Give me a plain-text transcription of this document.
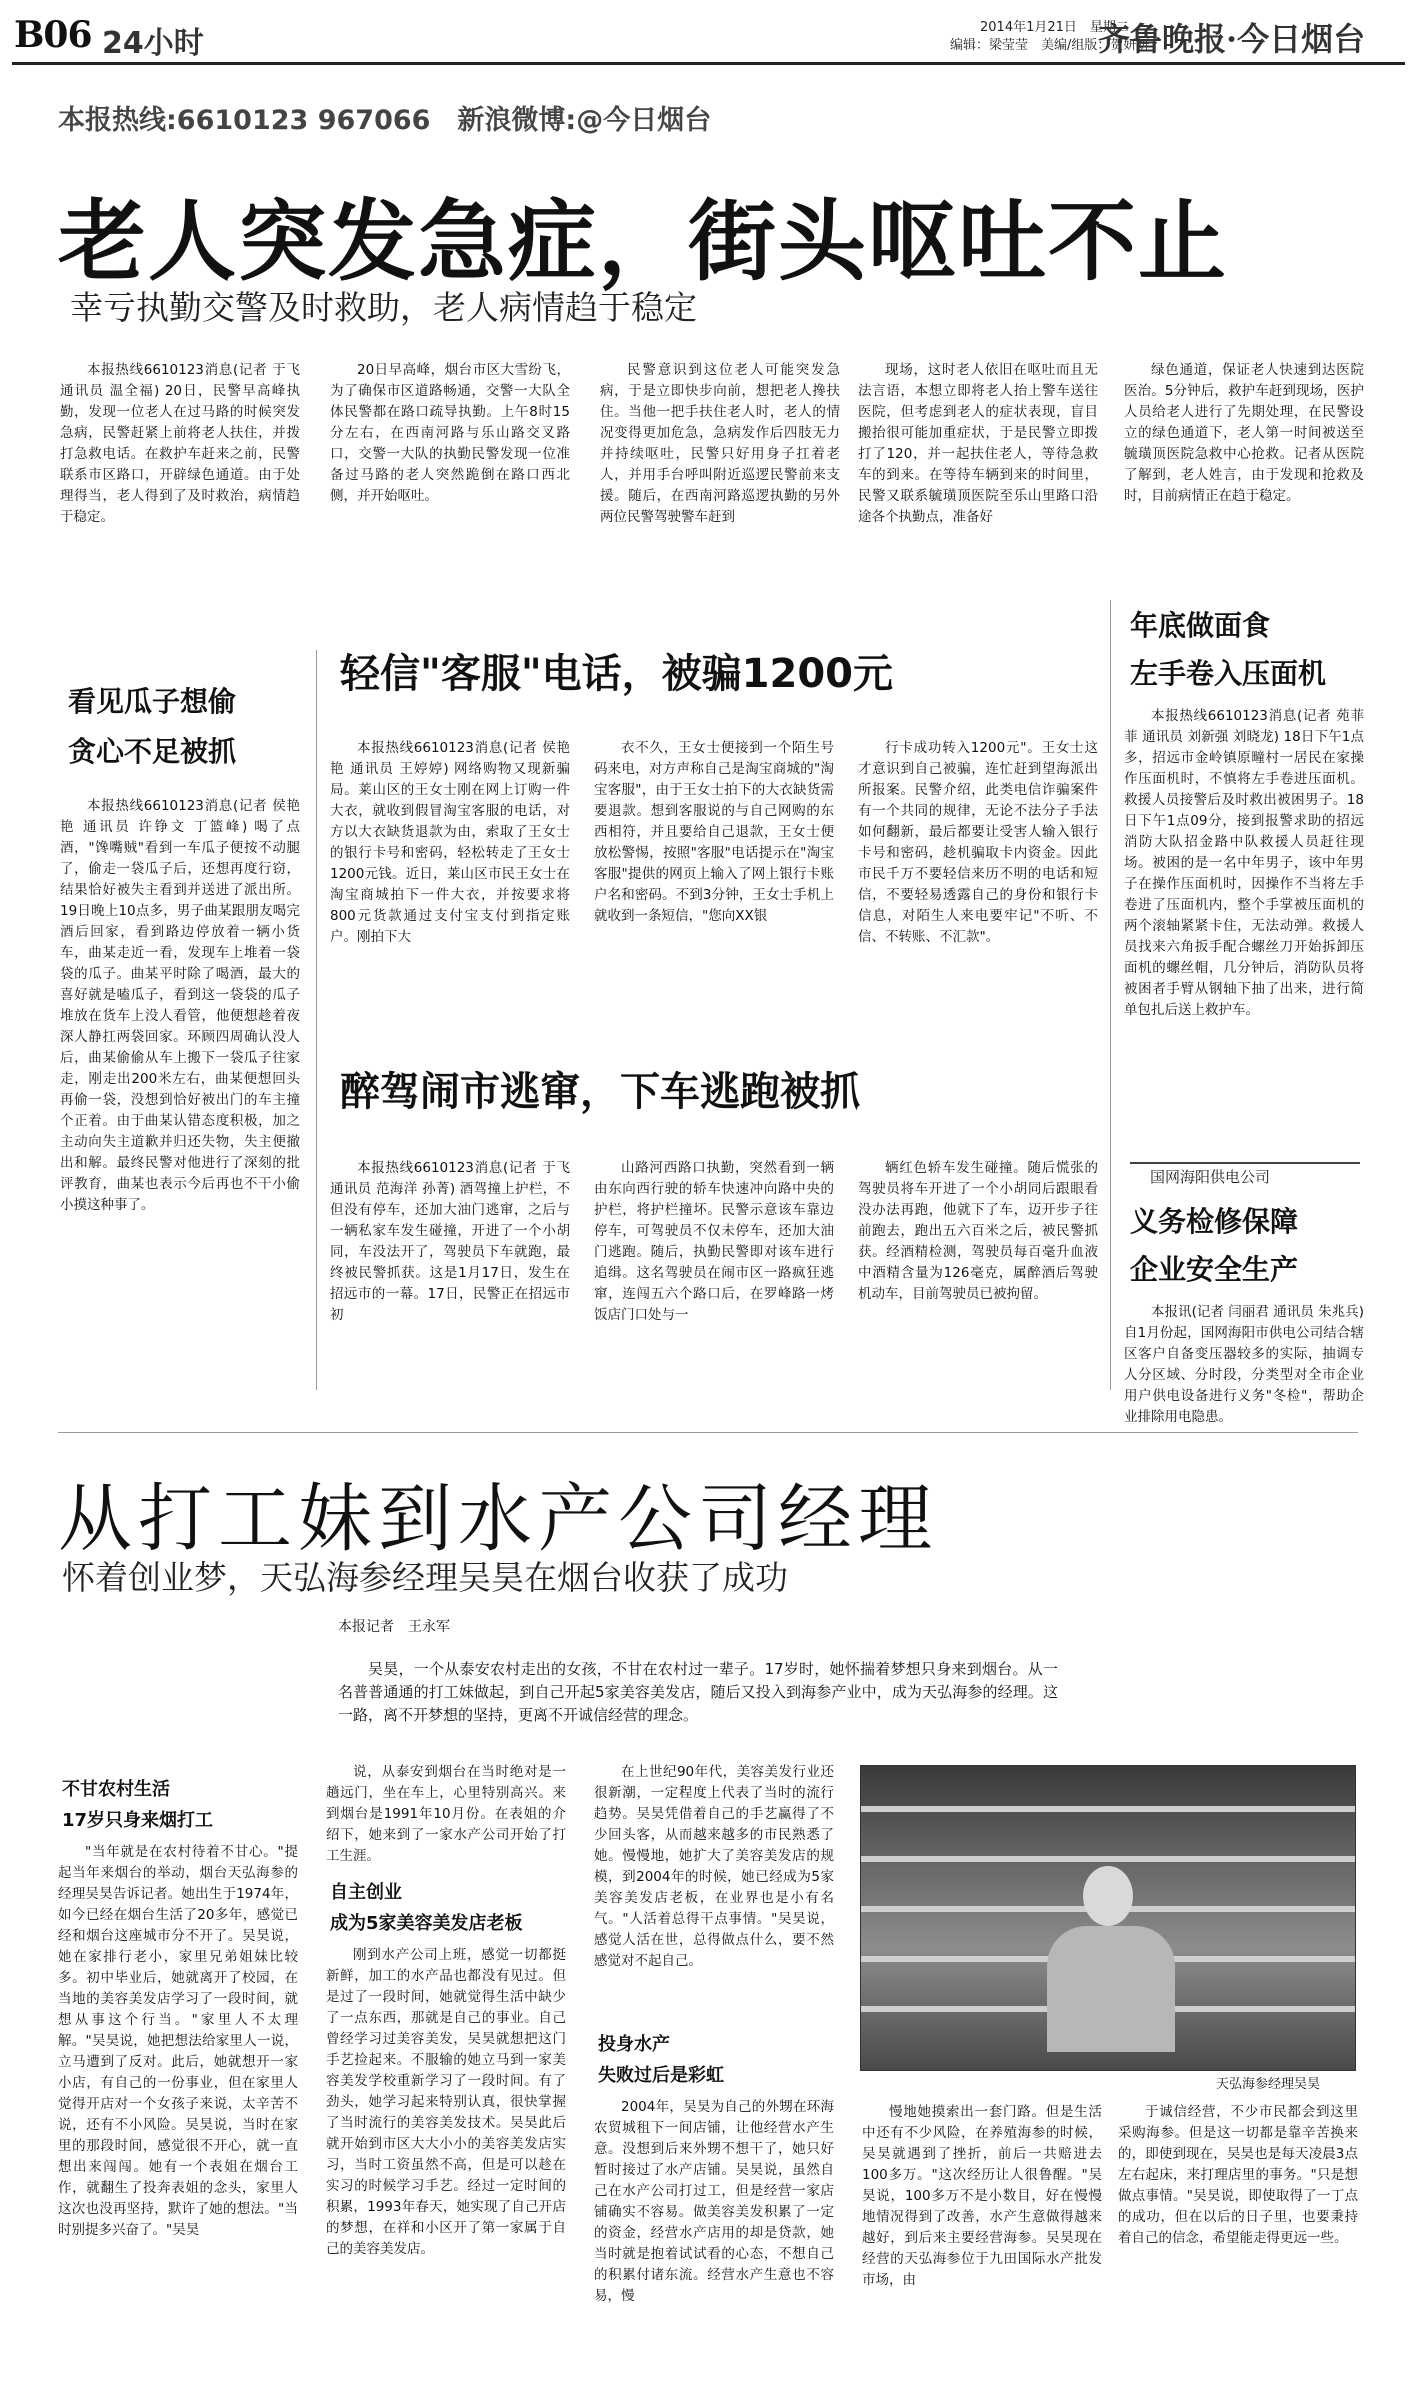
B06 24小时	2014年1月21日　星期二
编辑：梁莹莹　美编/组版：贺妍妍
齐鲁晚报·今日烟台
本报热线:6610123 967066　新浪微博:@今日烟台
老人突发急症，街头呕吐不止
幸亏执勤交警及时救助，老人病情趋于稳定

本报热线6610123消息(记者 于飞 通讯员 温全福) 20日，民警早高峰执勤，发现一位老人在过马路的时候突发急病，民警赶紧上前将老人扶住，并拨打急救电话。在救护车赶来之前，民警联系市区路口，开辟绿色通道。由于处理得当，老人得到了及时救治，病情趋于稳定。

20日早高峰，烟台市区大雪纷飞，为了确保市区道路畅通，交警一大队全体民警都在路口疏导执勤。上午8时15分左右，在西南河路与乐山路交叉路口，交警一大队的执勤民警发现一位准备过马路的老人突然跪倒在路口西北侧，并开始呕吐。

民警意识到这位老人可能突发急病，于是立即快步向前，想把老人搀扶住。当他一把手扶住老人时，老人的情况变得更加危急，急病发作后四肢无力并持续呕吐，民警只好用身子扛着老人，并用手台呼叫附近巡逻民警前来支援。随后，在西南河路巡逻执勤的另外两位民警驾驶警车赶到

现场，这时老人依旧在呕吐而且无法言语，本想立即将老人抬上警车送往医院，但考虑到老人的症状表现，盲目搬抬很可能加重症状，于是民警立即拨打了120，并一起扶住老人，等待急救车的到来。在等待车辆到来的时间里，民警又联系毓璜顶医院至乐山里路口沿途各个执勤点，准备好

绿色通道，保证老人快速到达医院医治。5分钟后，救护车赶到现场，医护人员给老人进行了先期处理，在民警设立的绿色通道下，老人第一时间被送至毓璜顶医院急救中心抢救。记者从医院了解到，老人姓言，由于发现和抢救及时，目前病情正在趋于稳定。

看见瓜子想偷
贪心不足被抓

本报热线6610123消息(记者 侯艳艳 通讯员 许铮文 丁篮峰) 喝了点酒，"馋嘴贼"看到一车瓜子便按不动腿了，偷走一袋瓜子后，还想再度行窃，结果恰好被失主看到并送进了派出所。19日晚上10点多，男子曲某跟朋友喝完酒后回家，看到路边停放着一辆小货车，曲某走近一看，发现车上堆着一袋袋的瓜子。曲某平时除了喝酒，最大的喜好就是嗑瓜子，看到这一袋袋的瓜子堆放在货车上没人看管，他便想趁着夜深人静扛两袋回家。环顾四周确认没人后，曲某偷偷从车上搬下一袋瓜子往家走，刚走出200米左右，曲某便想回头再偷一袋，没想到恰好被出门的车主撞个正着。由于曲某认错态度积极，加之主动向失主道歉并归还失物，失主便撤出和解。最终民警对他进行了深刻的批评教育，曲某也表示今后再也不干小偷小摸这种事了。

轻信"客服"电话，被骗1200元

本报热线6610123消息(记者 侯艳艳 通讯员 王婷婷) 网络购物又现新骗局。莱山区的王女士刚在网上订购一件大衣，就收到假冒淘宝客服的电话，对方以大衣缺货退款为由，索取了王女士的银行卡号和密码，轻松转走了王女士1200元钱。近日，莱山区市民王女士在淘宝商城拍下一件大衣，并按要求将800元货款通过支付宝支付到指定账户。刚拍下大

衣不久，王女士便接到一个陌生号码来电，对方声称自己是淘宝商城的"淘宝客服"，由于王女士拍下的大衣缺货需要退款。想到客服说的与自己网购的东西相符，并且要给自己退款，王女士便放松警惕，按照"客服"电话提示在"淘宝客服"提供的网页上输入了网上银行卡账户名和密码。不到3分钟，王女士手机上就收到一条短信，"您向XX银

行卡成功转入1200元"。王女士这才意识到自己被骗，连忙赶到望海派出所报案。民警介绍，此类电信诈骗案件有一个共同的规律，无论不法分子手法如何翻新，最后都要让受害人输入银行卡号和密码，趁机骗取卡内资金。因此市民千万不要轻信来历不明的电话和短信，不要轻易透露自己的身份和银行卡信息，对陌生人来电要牢记"不听、不信、不转账、不汇款"。

醉驾闹市逃窜，下车逃跑被抓

本报热线6610123消息(记者 于飞 通讯员 范海洋 孙菁) 酒驾撞上护栏，不但没有停车，还加大油门逃窜，之后与一辆私家车发生碰撞，开进了一个小胡同，车没法开了，驾驶员下车就跑，最终被民警抓获。这是1月17日，发生在招远市的一幕。17日，民警正在招远市初

山路河西路口执勤，突然看到一辆由东向西行驶的轿车快速冲向路中央的护栏，将护栏撞坏。民警示意该车靠边停车，可驾驶员不仅未停车，还加大油门逃跑。随后，执勤民警即对该车进行追缉。这名驾驶员在闹市区一路疯狂逃窜，连闯五六个路口后，在罗峰路一烤饭店门口处与一

辆红色轿车发生碰撞。随后慌张的驾驶员将车开进了一个小胡同后跟眼看没办法再跑，他就下了车，迈开步子往前跑去，跑出五六百米之后，被民警抓获。经酒精检测，驾驶员每百毫升血液中酒精含量为126毫克，属醉酒后驾驶机动车，目前驾驶员已被拘留。

年底做面食
左手卷入压面机

本报热线6610123消息(记者 苑菲菲 通讯员 刘新强 刘晓龙) 18日下午1点多，招远市金岭镇原疃村一居民在家操作压面机时，不慎将左手卷进压面机。救援人员接警后及时救出被困男子。18日下午1点09分，接到报警求助的招远消防大队招金路中队救援人员赶往现场。被困的是一名中年男子，该中年男子在操作压面机时，因操作不当将左手卷进了压面机内，整个手掌被压面机的两个滚轴紧紧卡住，无法动弹。救援人员找来六角扳手配合螺丝刀开始拆卸压面机的螺丝帽，几分钟后，消防队员将被困者手臂从钢轴下抽了出来，进行简单包扎后送上救护车。

国网海阳供电公司
义务检修保障
企业安全生产

本报讯(记者 闫丽君 通讯员 朱兆兵) 自1月份起，国网海阳市供电公司结合辖区客户自备变压器较多的实际，抽调专人分区域、分时段，分类型对全市企业用户供电设备进行义务"冬检"，帮助企业排除用电隐患。

从打工妹到水产公司经理
怀着创业梦，天弘海参经理吴昊在烟台收获了成功
本报记者　王永军

吴昊，一个从泰安农村走出的女孩，不甘在农村过一辈子。17岁时，她怀揣着梦想只身来到烟台。从一名普普通通的打工妹做起，到自己开起5家美容美发店，随后又投入到海参产业中，成为天弘海参的经理。这一路，离不开梦想的坚持，更离不开诚信经营的理念。

不甘农村生活
17岁只身来烟打工

"当年就是在农村待着不甘心。"提起当年来烟台的举动，烟台天弘海参的经理吴昊告诉记者。她出生于1974年，如今已经在烟台生活了20多年，感觉已经和烟台这座城市分不开了。吴昊说，她在家排行老小，家里兄弟姐妹比较多。初中毕业后，她就离开了校园，在当地的美容美发店学习了一段时间，就想从事这个行当。"家里人不太理解。"吴昊说，她把想法给家里人一说，立马遭到了反对。此后，她就想开一家小店，有自己的一份事业，但在家里人觉得开店对一个女孩子来说，太辛苦不说，还有不小风险。吴昊说，当时在家里的那段时间，感觉很不开心，就一直想出来闯闯。她有一个表姐在烟台工作，就翻生了投奔表姐的念头，家里人这次也没再坚持，默许了她的想法。"当时别提多兴奋了。"吴昊

说，从泰安到烟台在当时绝对是一趟远门，坐在车上，心里特别高兴。来到烟台是1991年10月份。在表姐的介绍下，她来到了一家水产公司开始了打工生涯。

自主创业
成为5家美容美发店老板

刚到水产公司上班，感觉一切都挺新鲜，加工的水产品也都没有见过。但是过了一段时间，她就觉得生活中缺少了一点东西，那就是自己的事业。自己曾经学习过美容美发，吴昊就想把这门手艺捡起来。不服输的她立马到一家美容美发学校重新学习了一段时间。有了劲头，她学习起来特别认真，很快掌握了当时流行的美容美发技术。吴昊此后就开始到市区大大小小的美容美发店实习，当时工资虽然不高，但是可以趁在实习的时候学习手艺。经过一定时间的积累，1993年春天，她实现了自己开店的梦想，在祥和小区开了第一家属于自己的美容美发店。

在上世纪90年代，美容美发行业还很新潮，一定程度上代表了当时的流行趋势。吴昊凭借着自己的手艺赢得了不少回头客，从而越来越多的市民熟悉了她。慢慢地，她扩大了美容美发店的规模，到2004年的时候，她已经成为5家美容美发店老板，在业界也是小有名气。"人活着总得干点事情。"吴昊说，感觉人活在世，总得做点什么，要不然感觉对不起自己。

投身水产
失败过后是彩虹

2004年，吴昊为自己的外甥在环海农贸城租下一间店铺，让他经营水产生意。没想到后来外甥不想干了，她只好暂时接过了水产店铺。吴昊说，虽然自己在水产公司打过工，但是经营一家店铺确实不容易。做美容美发积累了一定的资金，经营水产店用的却是贷款，她当时就是抱着试试看的心态，不想自己的积累付诸东流。经营水产生意也不容易，慢

天弘海参经理吴昊

慢地她摸索出一套门路。但是生活中还有不少风险，在养殖海参的时候，吴昊就遇到了挫折，前后一共赔进去100多万。"这次经历让人很鲁醒。"吴昊说，100多万不是小数目，好在慢慢地情况得到了改善，水产生意做得越来越好，到后来主要经营海参。吴昊现在经营的天弘海参位于九田国际水产批发市场，由

于诚信经营，不少市民都会到这里采购海参。但是这一切都是靠辛苦换来的，即使到现在，吴昊也是每天凌晨3点左右起床，来打理店里的事务。"只是想做点事情。"吴昊说，即使取得了一丁点的成功，但在以后的日子里，也要秉持着自己的信念，希望能走得更远一些。
